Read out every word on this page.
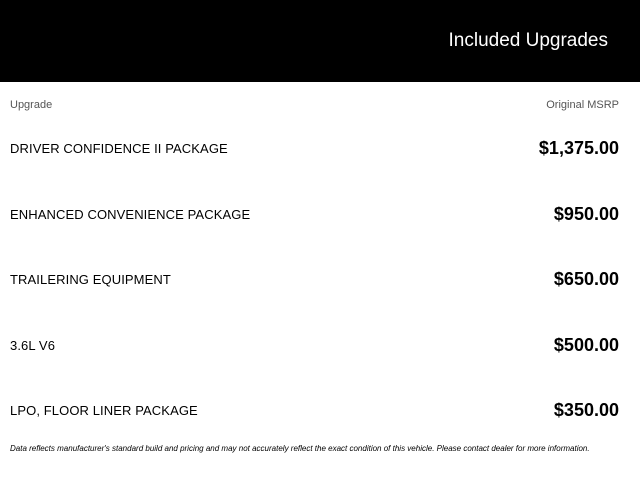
Included Upgrades
Upgrade	Original MSRP
DRIVER CONFIDENCE II PACKAGE	$1,375.00
ENHANCED CONVENIENCE PACKAGE	$950.00
TRAILERING EQUIPMENT	$650.00
3.6L V6	$500.00
LPO, FLOOR LINER PACKAGE	$350.00

Data reflects manufacturer's standard build and pricing and may not accurately reflect the exact condition of this vehicle. Please contact dealer for more information.
